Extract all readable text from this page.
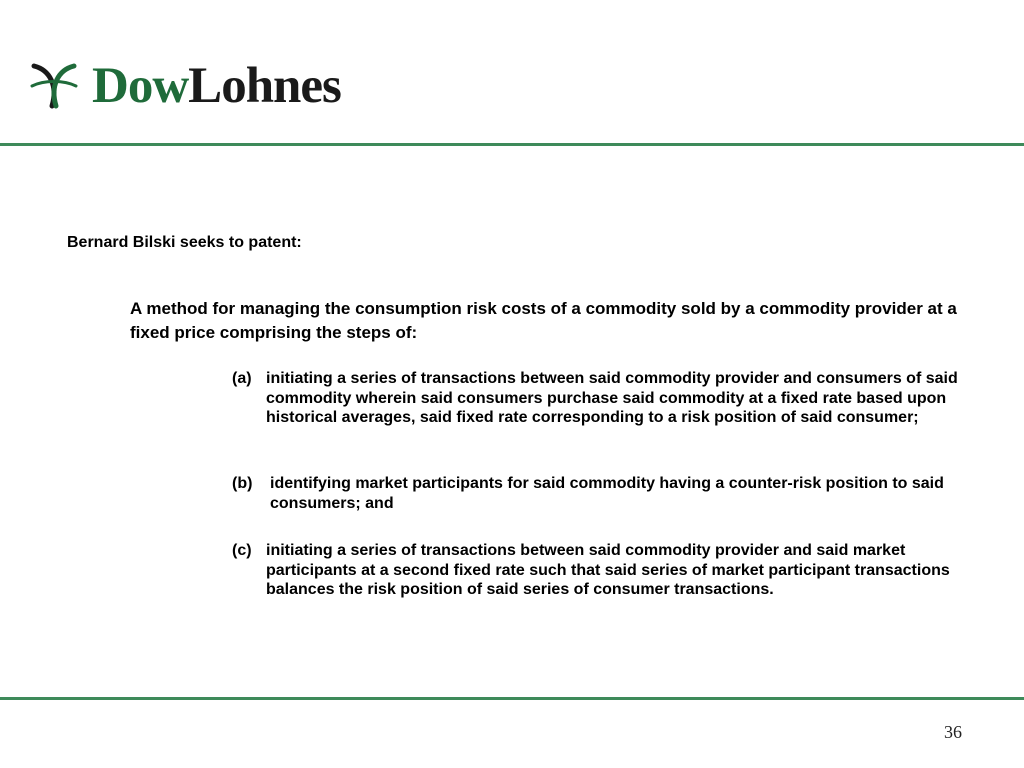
DowLohnes
Bernard Bilski seeks to patent:
A method for managing the consumption risk costs of a commodity sold by a commodity provider at a fixed price comprising the steps of:
(a) initiating a series of transactions between said commodity provider and consumers of said commodity wherein said consumers purchase said commodity at a fixed rate based upon historical averages, said fixed rate corresponding to a risk position of said consumer;
(b) identifying market participants for said commodity having a counter-risk position to said consumers; and
(c) initiating a series of transactions between said commodity provider and said market participants at a second fixed rate such that said series of market participant transactions balances the risk position of said series of consumer transactions.
36
